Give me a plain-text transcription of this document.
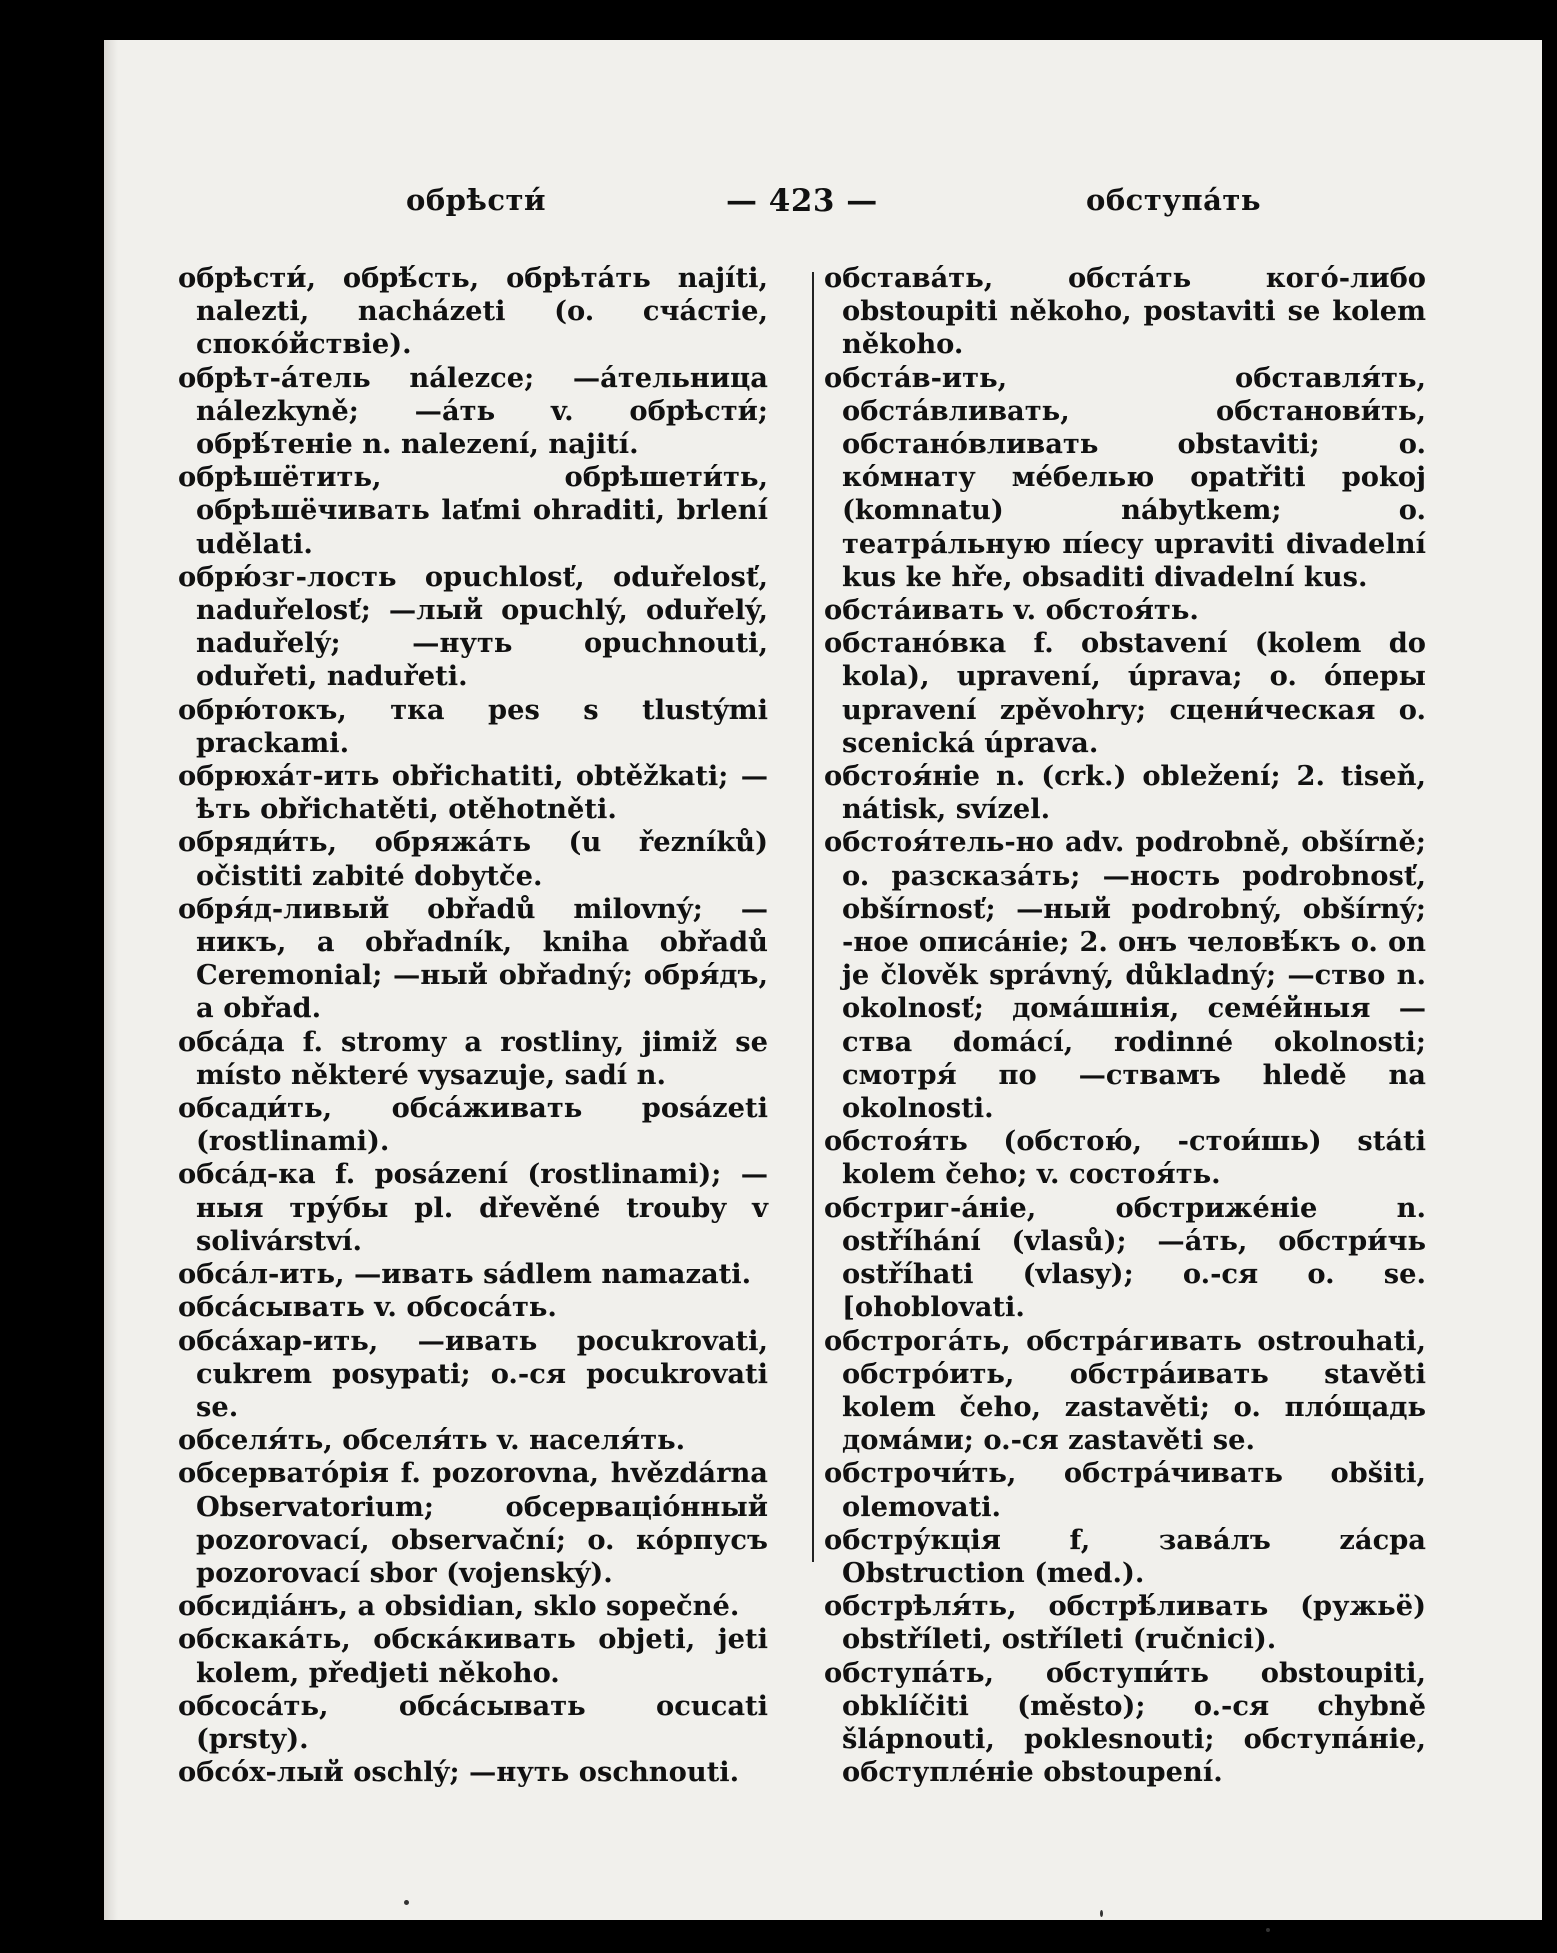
обрѣсти́	— 423 —	обступа́ть

обрѣсти́, обрѣ́сть, обрѣта́ть najíti, nalezti, nacházeti (o. сча́стіе, споко́йствіе).

обрѣт-а́тель nálezce; —а́тельница nálezkyně; —а́ть v. обрѣсти́; обрѣ́теніе n. nalezení, najití.

обрѣшётить, обрѣшети́ть, обрѣшёчивать laťmi ohraditi, brlení udělati.

обрю́зг-лость opuchlosť, oduřelosť, naduřelosť; —лый opuchlý, oduřelý, naduřelý; —нуть opuchnouti, oduřeti, naduřeti.

обрю́токъ, тка pes s tlustými prackami.

обрюха́т-ить obřichatiti, obtěžkati; —ѣть obřichatěti, otěhotněti.

обряди́ть, обряжа́ть (u řezníků) očistiti zabité dobytče.

обря́д-ливый obřadů milovný; —никъ, a obřadník, kniha obřadů Ceremonial; —ный obřadný; обря́дъ, a obřad.

обса́да f. stromy a rostliny, jimiž se místo některé vysazuje, sadí n.

обсади́ть, обса́живать posázeti (rostlinami).

обса́д-ка f. posázení (rostlinami); —ныя тру́бы pl. dřevěné trouby v solivárství.

обса́л-ить, —ивать sádlem namazati.

обса́сывать v. обсоса́ть.

обса́хар-ить, —ивать pocukrovati, cukrem posypati; o.-ся pocukrovati se.

обселя́ть, обселя́ть v. населя́ть.

обсервато́рія f. pozorovna, hvězdárna Observatorium; обсерваціо́нный pozorovací, observační; o. ко́рпусъ pozorovací sbor (vojenský).

обсидіа́нъ, a obsidian, sklo sopečné.

обскака́ть, обска́кивать objeti, jeti kolem, předjeti někoho.

обсоса́ть, обса́сывать ocucati (prsty).

обсо́х-лый oschlý; —нуть oschnouti.

обстава́ть, обста́ть кого́-либо obstoupiti někoho, postaviti se kolem někoho.

обста́в-ить, обставля́ть, обста́вливать, обстанови́ть, обстано́вливать obstaviti; o. ко́мнату ме́белью opatřiti pokoj (komnatu) nábytkem; o. театра́льную пі́ecy upraviti divadelní kus ke hře, obsaditi divadelní kus.

обста́ивать v. обстоя́ть.

обстано́вка f. obstavení (kolem do kola), upravení, úprava; o. о́перы upravení zpěvohry; сцени́ческая o. scenická úprava.

обстоя́ніе n. (crk.) obležení; 2. tiseň, nátisk, svízel.

обстоя́тель-но adv. podrobně, obšírně; o. разсказа́ть; —ность podrobnosť, obšírnosť; —ный podrobný, obšírný; -ное описа́ніе; 2. онъ человѣ́къ o. on je člověk správný, důkladný; —ство n. okolnosť; дома́шнія, семе́йныя —ства domácí, rodinné okolnosti; смотря́ по —ствамъ hledě na okolnosti.

обстоя́ть (обстою́, -стои́шь) státi kolem čeho; v. состоя́ть.

обстриг-а́ніе, обстриже́ніе n. ostříhání (vlasů); —а́ть, обстри́чь ostříhati (vlasy); o.-ся o. se. [ohoblovati.

обстрога́ть, обстра́гивать ostrouhati, обстро́ить, обстра́ивать stavěti kolem čeho, zastavěti; o. пло́щадь дома́ми; o.-ся zastavěti se.

обстрочи́ть, обстра́чивать obšiti, olemovati.

обстру́кція f, зава́лъ zácpa Obstruction (med.).

обстрѣля́ть, обстрѣ́ливать (ружьё) obstříleti, ostříleti (ručnici).

обступа́ть, обступи́ть obstoupiti, obklíčiti (město); o.-ся chybně šlápnouti, poklesnouti; обступа́ніе, обступле́ніе obstoupení.
